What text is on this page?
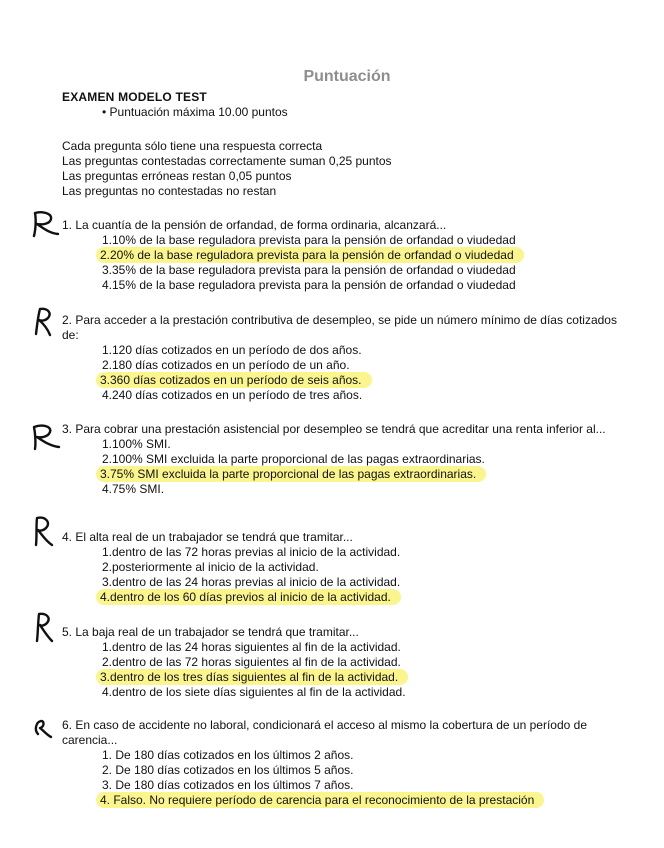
Puntuación
EXAMEN MODELO TEST
• Puntuación máxima 10.00 puntos
Cada pregunta sólo tiene una respuesta correcta
Las preguntas contestadas correctamente suman 0,25 puntos
Las preguntas erróneas restan 0,05 puntos
Las preguntas no contestadas no restan
1. La cuantía de la pensión de orfandad, de forma ordinaria, alcanzará...
1.10% de la base reguladora prevista para la pensión de orfandad o viudedad
2.20% de la base reguladora prevista para la pensión de orfandad o viudedad
3.35% de la base reguladora prevista para la pensión de orfandad o viudedad
4.15% de la base reguladora prevista para la pensión de orfandad o viudedad
2. Para acceder a la prestación contributiva de desempleo, se pide un número mínimo de días cotizados de:
1.120 días cotizados en un período de dos años.
2.180 días cotizados en un período de un año.
3.360 días cotizados en un período de seis años.
4.240 días cotizados en un período de tres años.
3. Para cobrar una prestación asistencial por desempleo se tendrá que acreditar una renta inferior al...
1.100% SMI.
2.100% SMI excluida la parte proporcional de las pagas extraordinarias.
3.75% SMI excluida la parte proporcional de las pagas extraordinarias.
4.75% SMI.
4. El alta real de un trabajador se tendrá que tramitar...
1.dentro de las 72 horas previas al inicio de la actividad.
2.posteriormente al inicio de la actividad.
3.dentro de las 24 horas previas al inicio de la actividad.
4.dentro de los 60 días previos al inicio de la actividad.
5. La baja real de un trabajador se tendrá que tramitar...
1.dentro de las 24 horas siguientes al fin de la actividad.
2.dentro de las 72 horas siguientes al fin de la actividad.
3.dentro de los tres días siguientes al fin de la actividad.
4.dentro de los siete días siguientes al fin de la actividad.
6. En caso de accidente no laboral, condicionará el acceso al mismo la cobertura de un período de carencia...
1. De 180 días cotizados en los últimos 2 años.
2. De 180 días cotizados en los últimos 5 años.
3. De 180 días cotizados en los últimos 7 años.
4. Falso. No requiere período de carencia para el reconocimiento de la prestación
